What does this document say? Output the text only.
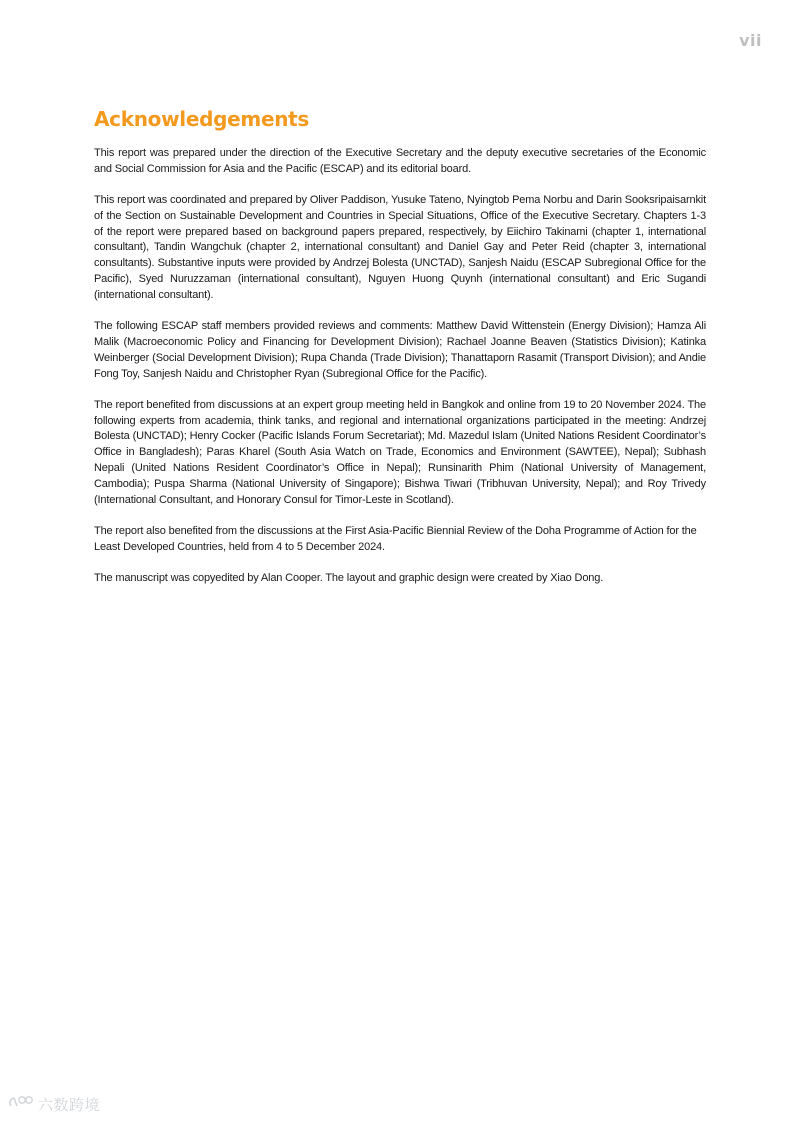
vii
Acknowledgements

This report was prepared under the direction of the Executive Secretary and the deputy executive secretaries of the Economic and Social Commission for Asia and the Pacific (ESCAP) and its editorial board.

This report was coordinated and prepared by Oliver Paddison, Yusuke Tateno, Nyingtob Pema Norbu and Darin Sooksripaisarnkit of the Section on Sustainable Development and Countries in Special Situations, Office of the Executive Secretary. Chapters 1-3 of the report were prepared based on background papers prepared, respectively, by Eiichiro Takinami (chapter 1, international consultant), Tandin Wangchuk (chapter 2, international consultant) and Daniel Gay and Peter Reid (chapter 3, international consultants). Substantive inputs were provided by Andrzej Bolesta (UNCTAD), Sanjesh Naidu (ESCAP Subregional Office for the Pacific), Syed Nuruzzaman (international consultant), Nguyen Huong Quynh (international consultant) and Eric Sugandi (international consultant).

The following ESCAP staff members provided reviews and comments: Matthew David Wittenstein (Energy Division); Hamza Ali Malik (Macroeconomic Policy and Financing for Development Division); Rachael Joanne Beaven (Statistics Division); Katinka Weinberger (Social Development Division); Rupa Chanda (Trade Division); Thanattaporn Rasamit (Transport Division); and Andie Fong Toy, Sanjesh Naidu and Christopher Ryan (Subregional Office for the Pacific).

The report benefited from discussions at an expert group meeting held in Bangkok and online from 19 to 20 November 2024. The following experts from academia, think tanks, and regional and international organizations participated in the meeting: Andrzej Bolesta (UNCTAD); Henry Cocker (Pacific Islands Forum Secretariat); Md. Mazedul Islam (United Nations Resident Coordinator’s Office in Bangladesh); Paras Kharel (South Asia Watch on Trade, Economics and Environment (SAWTEE), Nepal); Subhash Nepali (United Nations Resident Coordinator’s Office in Nepal); Runsinarith Phim (National University of Management, Cambodia); Puspa Sharma (National University of Singapore); Bishwa Tiwari (Tribhuvan University, Nepal); and Roy Trivedy (International Consultant, and Honorary Consul for Timor-Leste in Scotland).

The report also benefited from the discussions at the First Asia-Pacific Biennial Review of the Doha Programme of Action for the Least Developed Countries, held from 4 to 5 December 2024.

The manuscript was copyedited by Alan Cooper. The layout and graphic design were created by Xiao Dong.

六数跨境
